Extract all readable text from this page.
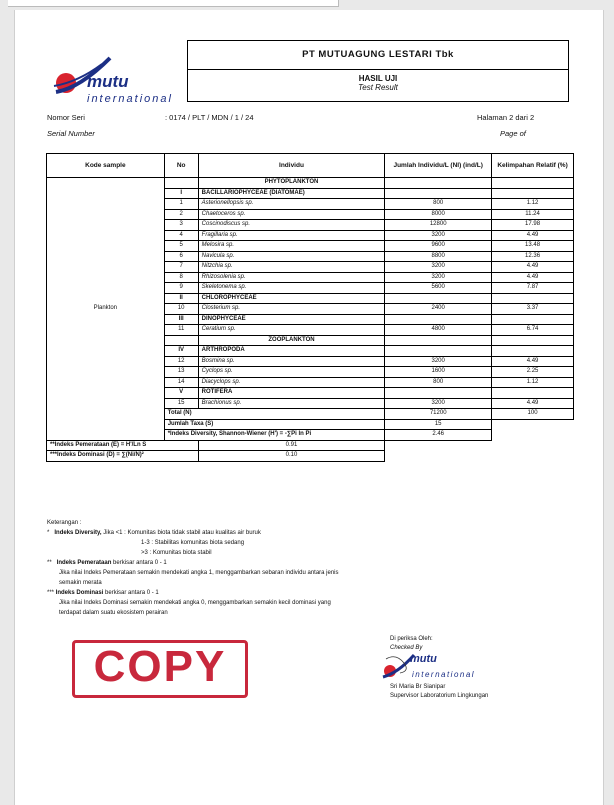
mutu
international
PT MUTUAGUNG LESTARI Tbk
HASIL UJI
Test Result
Nomor Seri
Serial Number
: 0174 / PLT / MDN / 1 / 24	Halaman 2 dari 2
Page of
Kode sample	No	Individu	Jumlah Individu/L (NI) (ind/L)	Kelimpahan Relatif (%)
Plankton		PHYTOPLANKTON		
	I	BACILLARIOPHYCEAE (DIATOMAE)		
	1	Asterionellopsis sp.	800	1.12
	2	Chaetoceros sp.	8000	11.24
	3	Coscinodiscus sp.	12800	17.98
	4	Fragillaria sp.	3200	4.49
	5	Melosira sp.	9600	13.48
	6	Navicula sp.	8800	12.36
	7	Nitzchia sp.	3200	4.49
	8	Rhizosolenia sp.	3200	4.49
	9	Skeletonema sp.	5600	7.87
	II	CHLOROPHYCEAE		
	10	Closterium sp.	2400	3.37
	III	DINOPHYCEAE		
	11	Ceratium sp.	4800	6.74
		ZOOPLANKTON		
	IV	ARTHROPODA		
	12	Bosmina sp.	3200	4.49
	13	Cyclops sp.	1600	2.25
	14	Diacyclops sp.	800	1.12
	V	ROTIFERA		
	15	Brachionus sp.	3200	4.49
	Total (N)		71200	100
	Jumlah Taxa (S)		15	
	*Indeks Diversity, Shannon-Wiener (H') = -∑Pi ln Pi		2.46	
**Indeks Pemerataan (E) = H'/Ln S		0.91		
***Indeks Dominasi (D) = ∑(Ni/N)²		0.10		
Keterangan :
* Indeks Diversity, Jika <1 : Komunitas biota tidak stabil atau kualitas air buruk
1-3 : Stabilitas komunitas biota sedang
>3 : Komunitas biota stabil
** Indeks Pemerataan berkisar antara 0 - 1
Jika nilai Indeks Pemerataan semakin mendekati angka 1, menggambarkan sebaran individu antara jenis
semakin merata
*** Indeks Dominasi berkisar antara 0 - 1
Jika nilai Indeks Dominasi semakin mendekati angka 0, menggambarkan semakin kecil dominasi yang
terdapat dalam suatu ekosistem perairan
COPY
Di periksa Oleh:
Checked By
mutu
international
Sri Maria Br Sianipar
Supervisor Laboratorium Lingkungan
